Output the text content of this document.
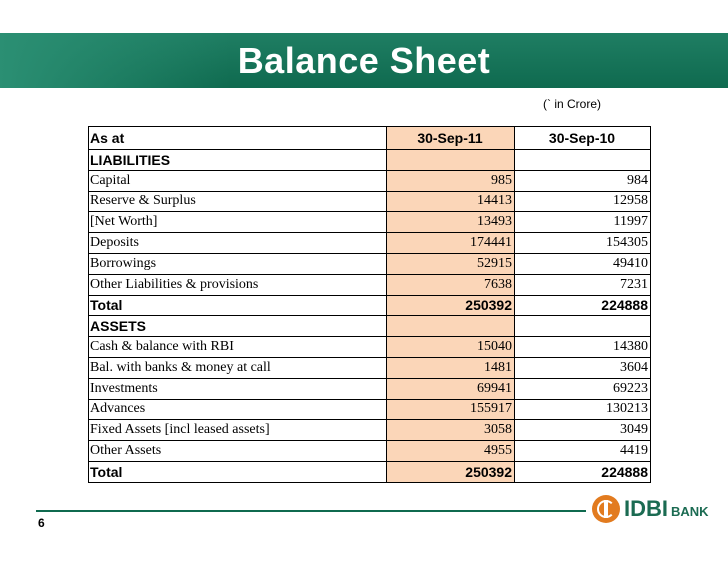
Balance Sheet
(` in Crore)
As at	30-Sep-11	30-Sep-10
LIABILITIES		
Capital	985	984
Reserve & Surplus	14413	12958
[Net Worth]	13493	11997
Deposits	174441	154305
Borrowings	52915	49410
Other Liabilities & provisions	7638	7231
Total	250392	224888
ASSETS		
Cash & balance with RBI	15040	14380
Bal. with banks & money at call	1481	3604
Investments	69941	69223
Advances	155917	130213
Fixed Assets [incl leased assets]	3058	3049
Other Assets	4955	4419
Total	250392	224888
6
IDBI BANK
